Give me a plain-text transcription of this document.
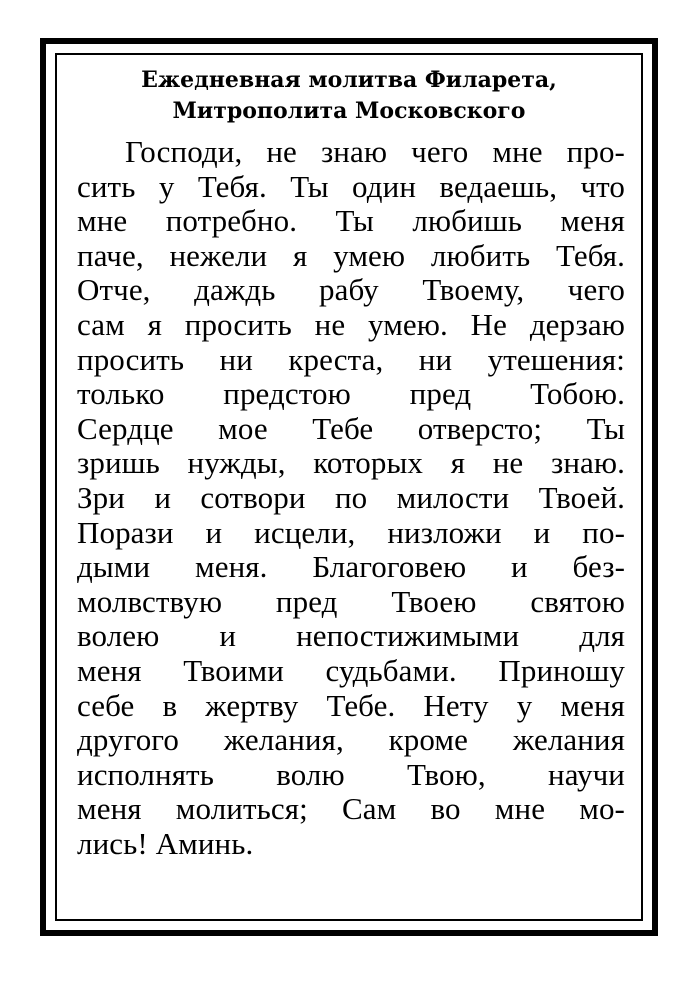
Ежедневная молитва Филарета,
Митрополита Московского
Господи, не знаю чего мне про-
сить у Тебя. Ты один ведаешь, что
мне потребно. Ты любишь меня
паче, нежели я умею любить Тебя.
Отче, даждь рабу Твоему, чего
сам я просить не умею. Не дерзаю
просить ни креста, ни утешения:
только предстою пред Тобою.
Сердце мое Тебе отверсто; Ты
зришь нужды, которых я не знаю.
Зри и сотвори по милости Твоей.
Порази и исцели, низложи и по-
дыми меня. Благоговею и без-
молвствую пред Твоею святою
волею и непостижимыми для
меня Твоими судьбами. Приношу
себе в жертву Тебе. Нету у меня
другого желания, кроме желания
исполнять волю Твою, научи
меня молиться; Сам во мне мо-
лись! Аминь.
